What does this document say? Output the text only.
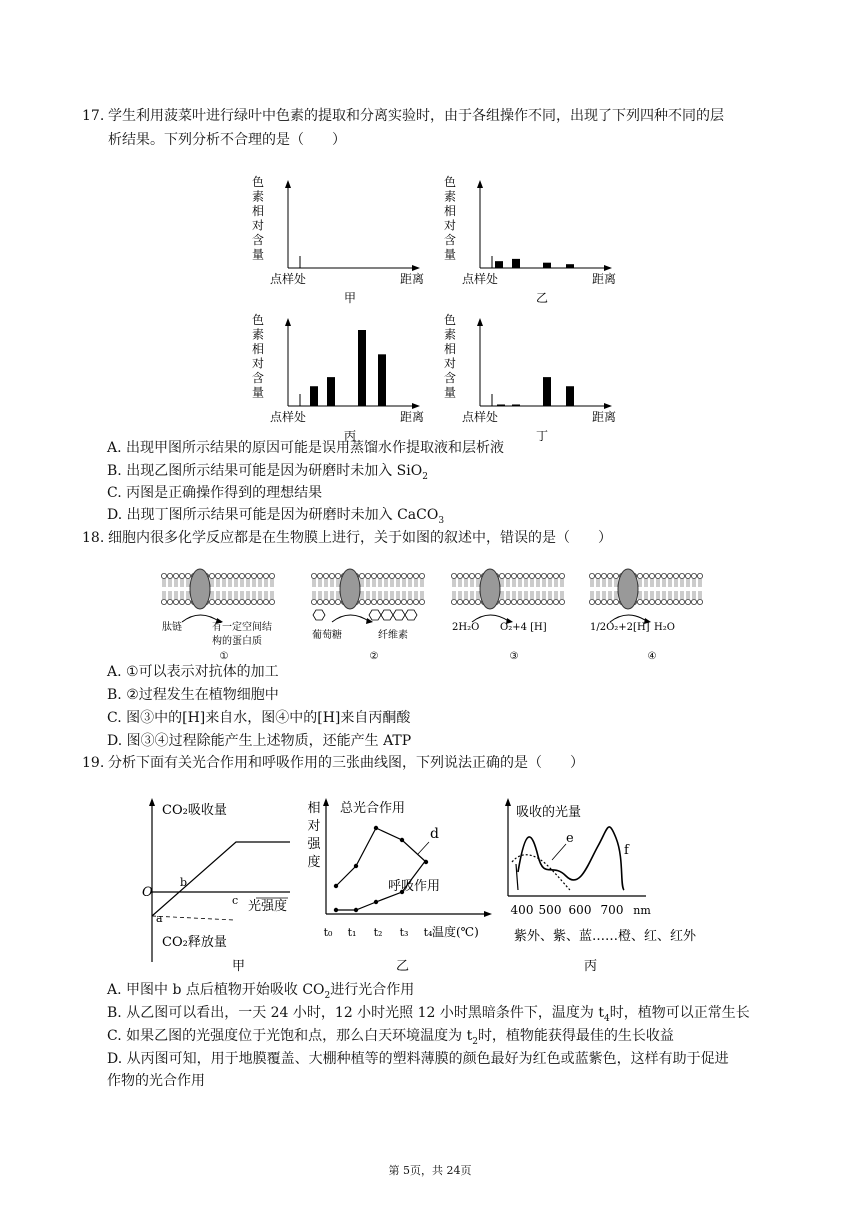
17. 学生利用菠菜叶进行绿叶中色素的提取和分离实验时，由于各组操作不同，出现了下列四种不同的层
析结果。下列分析不合理的是（　　）
色
素
相
对
含
量
点样处	距离
甲
色
素
相
对
含
量
点样处	距离
乙
色
素
相
对
含
量
点样处	距离
丙
色
素
相
对
含
量
点样处	距离
丁
A. 出现甲图所示结果的原因可能是误用蒸馏水作提取液和层析液
B. 出现乙图所示结果可能是因为研磨时未加入 SiO$_2$
C. 丙图是正确操作得到的理想结果
D. 出现丁图所示结果可能是因为研磨时未加入 CaCO$_3$
18. 细胞内很多化学反应都是在生物膜上进行，关于如图的叙述中，错误的是（　　）
肽链	有一定空间结
构的蛋白质
①
葡萄糖	纤维素
②
2H₂O O₂+4 [H]
③
1/2O₂+2[H] H₂O
④
A. ①可以表示对抗体的加工
B. ②过程发生在植物细胞中
C. 图③中的[H]来自水，图④中的[H]来自丙酮酸
D. 图③④过程除能产生上述物质，还能产生 ATP
19. 分析下面有关光合作用和呼吸作用的三张曲线图，下列说法正确的是（　　）
CO₂吸收量
CO₂释放量
O
a
b
c 光强度
甲
相
对
强
度
总光合作用
d
呼吸作用
t₀ t₁ t₂ t₃ t₄ 温度(℃)
乙
吸收的光量
e
f
400 500 600 700 nm
紫外、紫、蓝……橙、红、红外
丙
A. 甲图中 b 点后植物开始吸收 $CO_2$进行光合作用
B. 从乙图可以看出，一天 24 小时，12 小时光照 12 小时黑暗条件下，温度为 $t_4$时，植物可以正常生长
C. 如果乙图的光强度位于光饱和点，那么白天环境温度为 $t_2$时，植物能获得最佳的生长收益
D. 从丙图可知，用于地膜覆盖、大棚种植等的塑料薄膜的颜色最好为红色或蓝紫色，这样有助于促进
作物的光合作用
第 5页，共 24页
